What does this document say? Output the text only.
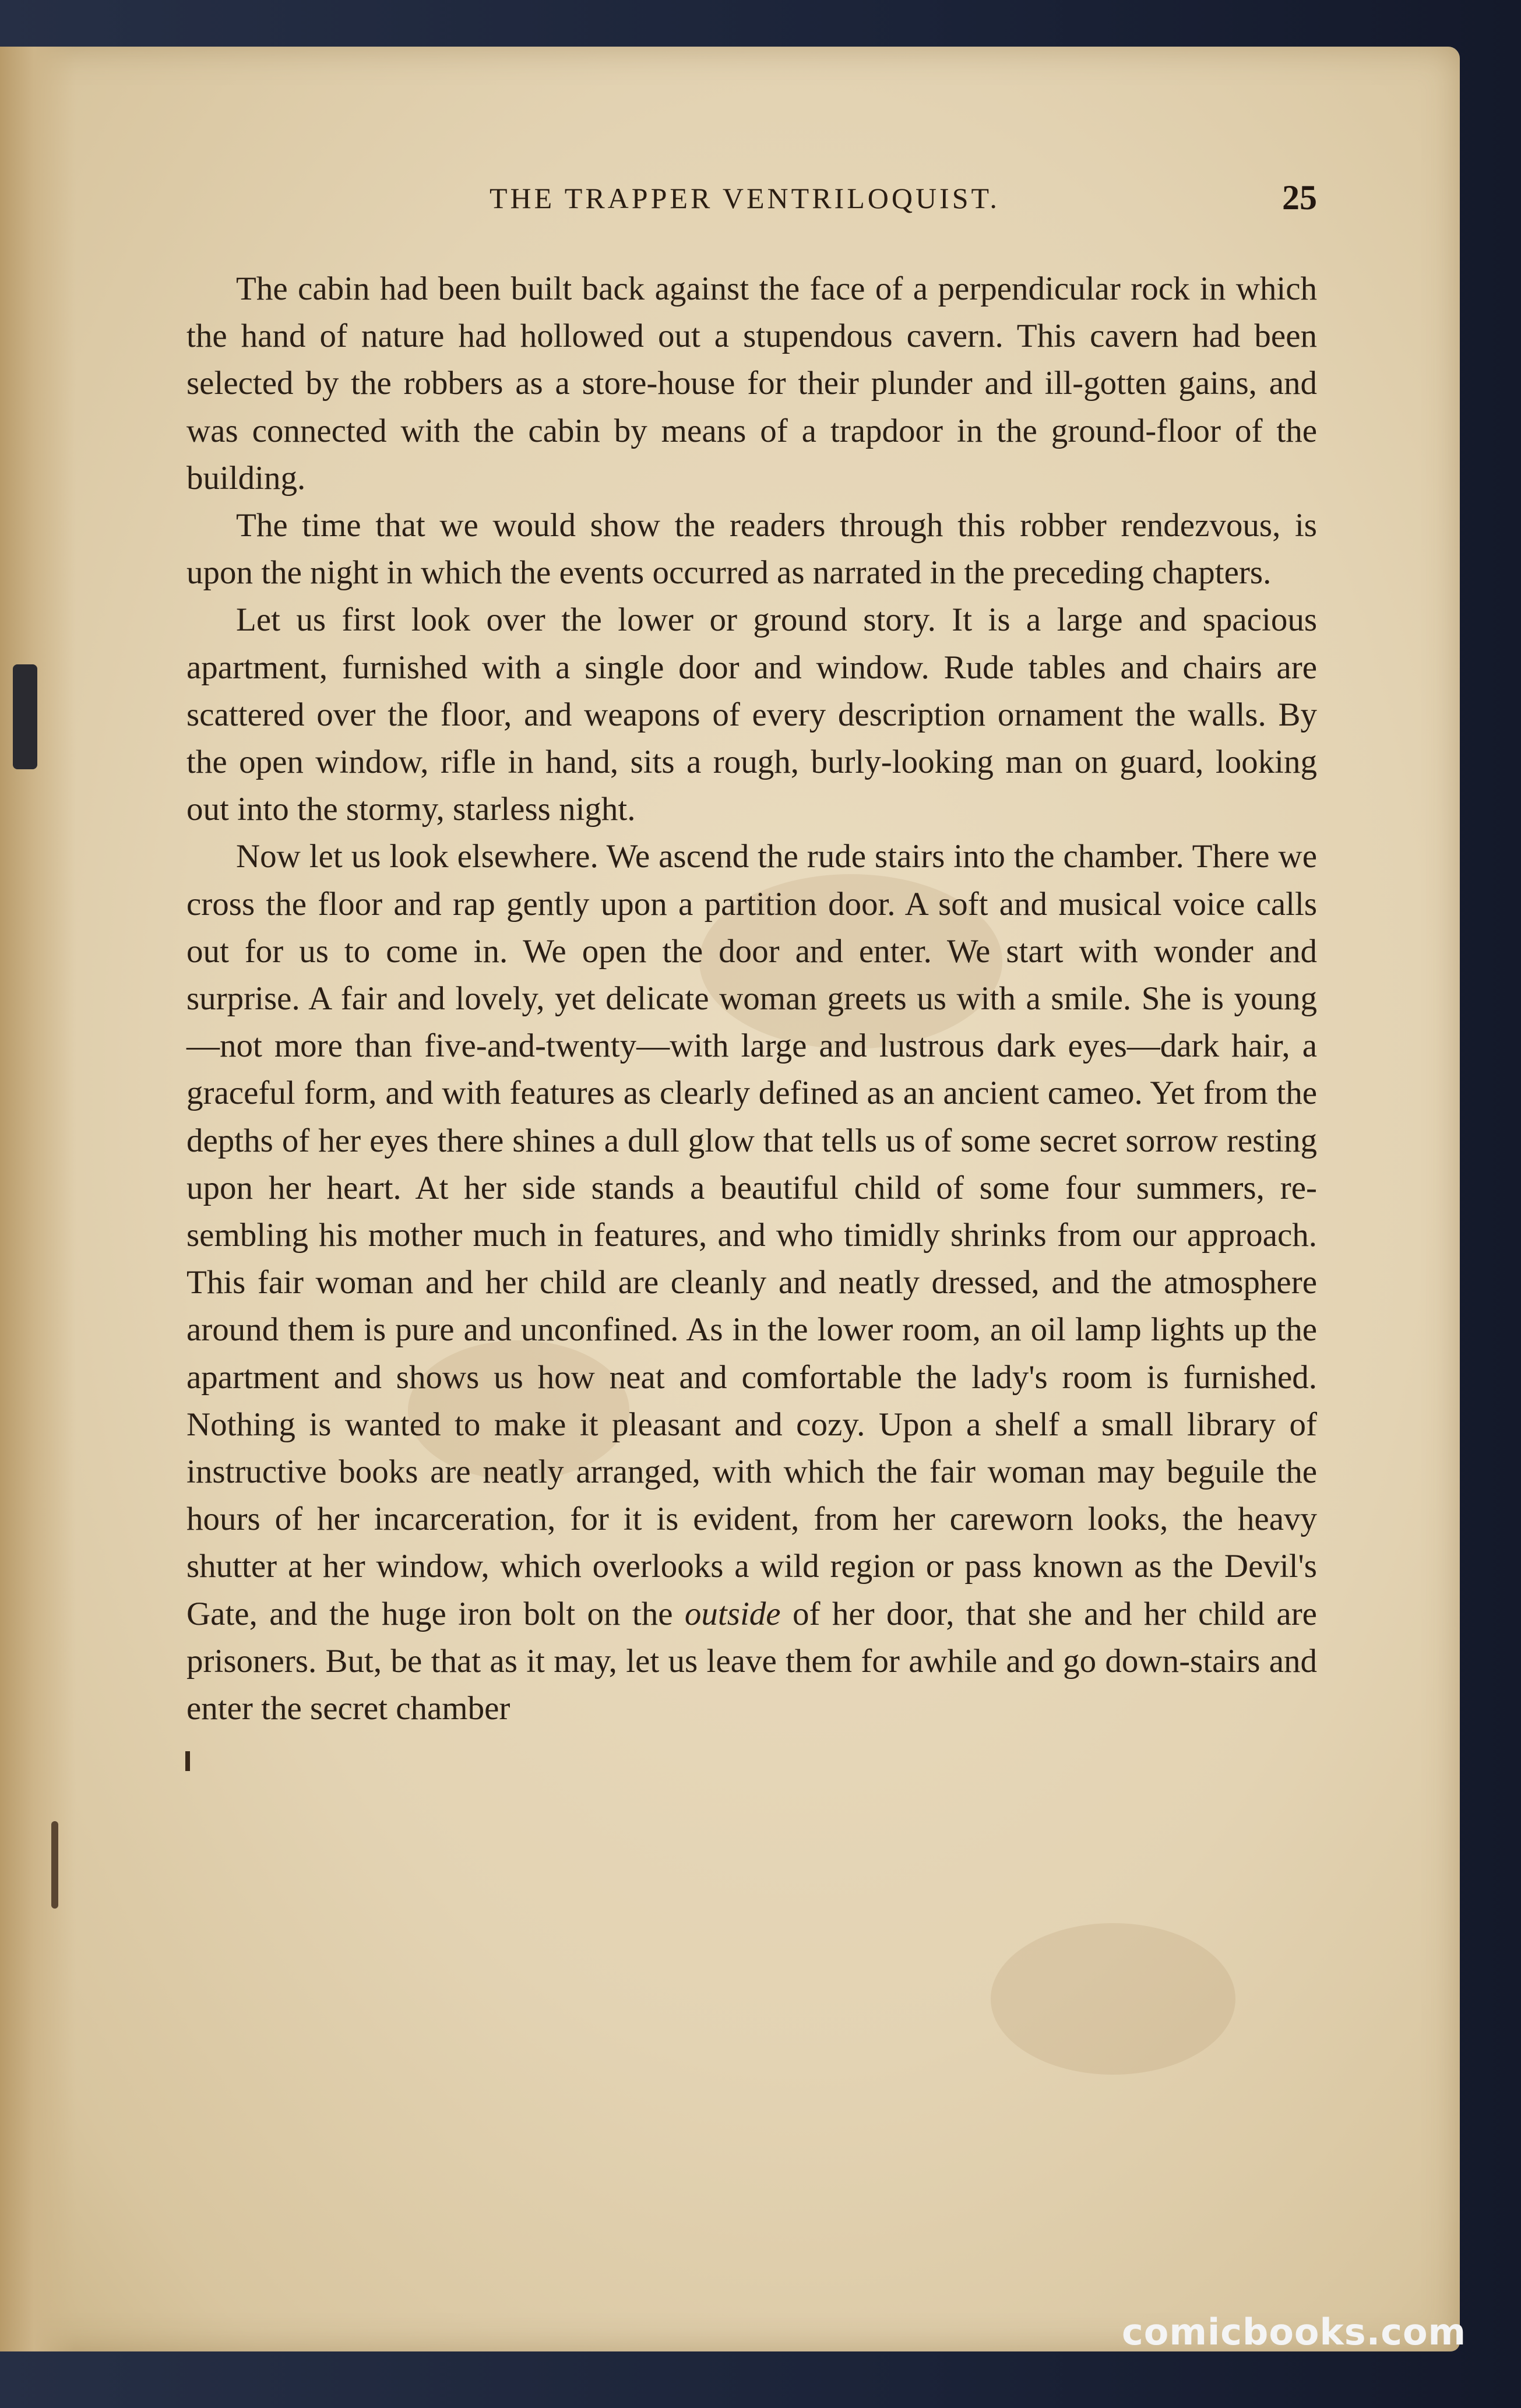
THE TRAPPER VENTRILOQUIST.	25

The cabin had been built back against the face of a perpendicular rock in which the hand of nature had hollowed out a stupendous cavern. This cavern had been selected by the robbers as a store-house for their plunder and ill-gotten gains, and was connected with the cabin by means of a trapdoor in the ground-floor of the building.

The time that we would show the readers through this robber rendezvous, is upon the night in which the events occurred as narrated in the preceding chapters.

Let us first look over the lower or ground story. It is a large and spacious apartment, furnished with a single door and window. Rude tables and chairs are scattered over the floor, and weapons of every description ornament the walls. By the open window, rifle in hand, sits a rough, burly-looking man on guard, looking out into the stormy, starless night.

Now let us look elsewhere. We ascend the rude stairs into the chamber. There we cross the floor and rap gently upon a partition door. A soft and musical voice calls out for us to come in. We open the door and enter. We start with wonder and surprise. A fair and lovely, yet delicate woman greets us with a smile. She is young—not more than five-and-twenty—with large and lustrous dark eyes—dark hair, a graceful form, and with features as clearly defined as an ancient cameo. Yet from the depths of her eyes there shines a dull glow that tells us of some secret sorrow resting upon her heart. At her side stands a beautiful child of some four summers, resembling his mother much in features, and who timidly shrinks from our approach. This fair woman and her child are cleanly and neatly dressed, and the atmosphere around them is pure and unconfined. As in the lower room, an oil lamp lights up the apartment and shows us how neat and comfortable the lady's room is furnished. Nothing is wanted to make it pleasant and cozy. Upon a shelf a small library of instructive books are neatly arranged, with which the fair woman may beguile the hours of her incarceration, for it is evident, from her careworn looks, the heavy shutter at her window, which overlooks a wild region or pass known as the Devil's Gate, and the huge iron bolt on the outside of her door, that she and her child are prisoners. But, be that as it may, let us leave them for awhile and go down-stairs and enter the secret chamber

comicbooks.com
